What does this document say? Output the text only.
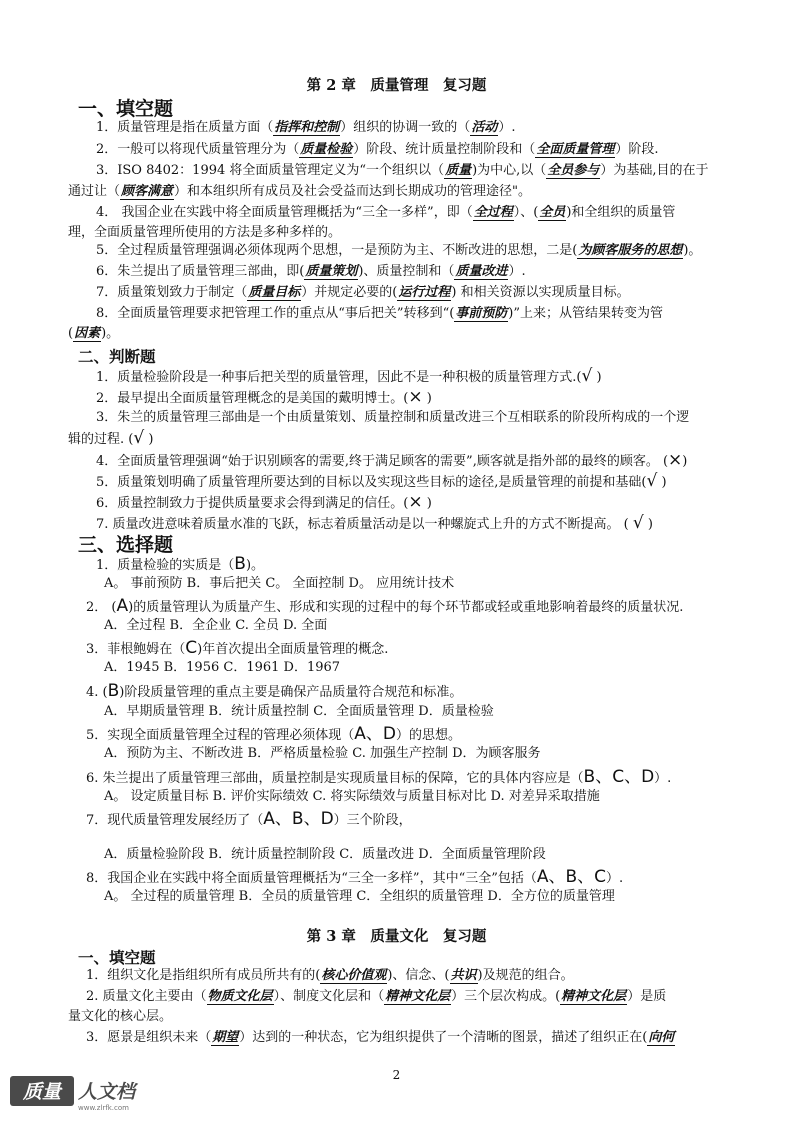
第 2 章　质量管理　复习题
一、填空题
1．质量管理是指在质量方面（指挥和控制）组织的协调一致的（活动）.
2．一般可以将现代质量管理分为（质量检验）阶段、统计质量控制阶段和（全面质量管理）阶段.
3．ISO 8402：1994 将全面质量管理定义为“一个组织以（质量)为中心,以（全员参与）为基础,目的在于
通过让（顾客满意）和本组织所有成员及社会受益而达到长期成功的管理途径"。
4． 我国企业在实践中将全面质量管理概括为“三全一多样”，即（全过程）、(全员)和全组织的质量管
理，全面质量管理所使用的方法是多种多样的。
5．全过程质量管理强调必须体现两个思想，一是预防为主、不断改进的思想，二是(为顾客服务的思想)。
6．朱兰提出了质量管理三部曲，即(质量策划)、质量控制和（质量改进）.
7．质量策划致力于制定（质量目标）并规定必要的(运行过程) 和相关资源以实现质量目标。
8．全面质量管理要求把管理工作的重点从“事后把关”转移到“(事前预防)”上来；从管结果转变为管
(因素)。
二、判断题
1．质量检验阶段是一种事后把关型的质量管理，因此不是一种积极的质量管理方式.(√ )
2．最早提出全面质量管理概念的是美国的戴明博士。(× )
3．朱兰的质量管理三部曲是一个由质量策划、质量控制和质量改进三个互相联系的阶段所构成的一个逻
辑的过程. (√ )
4．全面质量管理强调“始于识别顾客的需要,终于满足顾客的需要”,顾客就是指外部的最终的顾客。 (×)
5．质量策划明确了质量管理所要达到的目标以及实现这些目标的途径,是质量管理的前提和基础(√ )
6．质量控制致力于提供质量要求会得到满足的信任。(× )
7. 质量改进意味着质量水准的飞跃，标志着质量活动是以一种螺旋式上升的方式不断提高。 ( √ )
三、选择题
1．质量检验的实质是（B)。
A。 事前预防 B．事后把关 C。 全面控制 D。 应用统计技术
2． (A)的质量管理认为质量产生、形成和实现的过程中的每个环节都或轻或重地影响着最终的质量状况.
A．全过程 B．全企业 C. 全员 D. 全面
3．菲根鲍姆在（C)年首次提出全面质量管理的概念.
A．1945 B．1956 C．1961 D．1967
4. (B)阶段质量管理的重点主要是确保产品质量符合规范和标准。
A．早期质量管理 B．统计质量控制 C．全面质量管理 D．质量检验
5．实现全面质量管理全过程的管理必须体现（A、D）的思想。
A．预防为主、不断改进 B．严格质量检验 C. 加强生产控制 D．为顾客服务
6. 朱兰提出了质量管理三部曲，质量控制是实现质量目标的保障，它的具体内容应是（B、C、D）.
A。 设定质量目标 B. 评价实际绩效 C. 将实际绩效与质量目标对比 D. 对差异采取措施
7．现代质量管理发展经历了（A、B、D）三个阶段，
A．质量检验阶段 B．统计质量控制阶段 C．质量改进 D．全面质量管理阶段
8．我国企业在实践中将全面质量管理概括为“三全一多样”，其中“三全”包括（A、B、C）.
A。 全过程的质量管理 B．全员的质量管理 C．全组织的质量管理 D．全方位的质量管理
第 3 章　质量文化　复习题
一、填空题
1．组织文化是指组织所有成员所共有的(核心价值观)、信念、(共识)及规范的组合。
2. 质量文化主要由（物质文化层）、制度文化层和（精神文化层）三个层次构成。(精神文化层）是质
量文化的核心层。
3．愿景是组织未来（期望）达到的一种状态，它为组织提供了一个清晰的图景，描述了组织正在(向何
2
质量 人文档
www.zlrfk.com
